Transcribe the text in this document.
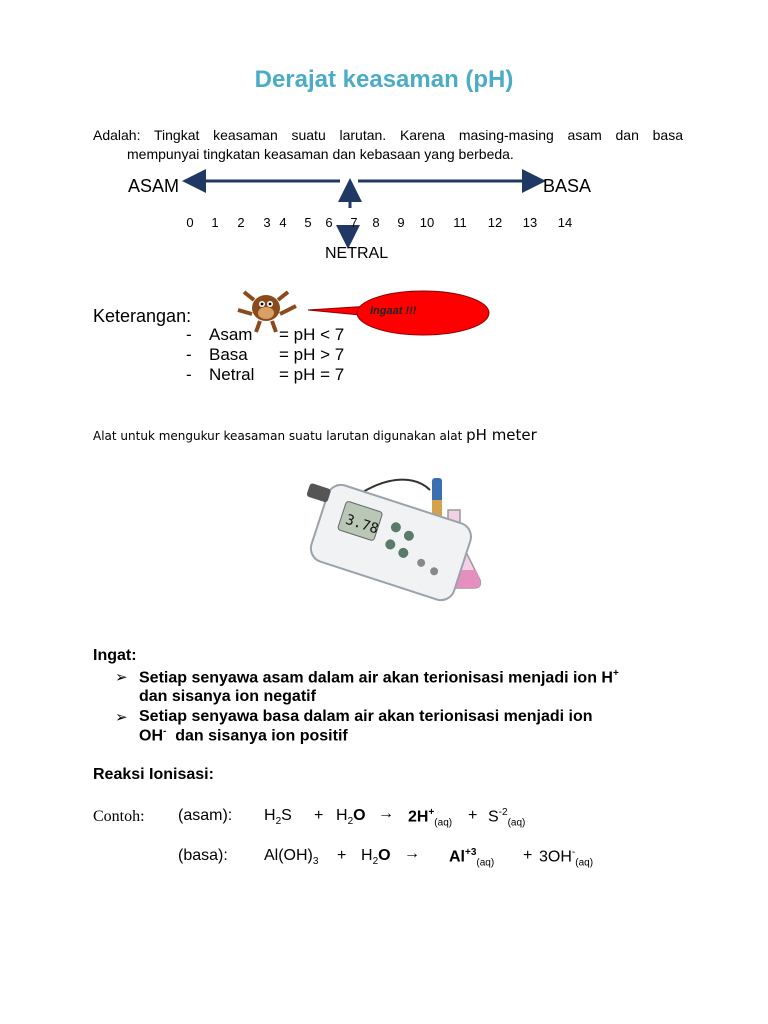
Derajat keasaman (pH)
Adalah: Tingkat keasaman suatu larutan. Karena masing-masing asam dan basa
mempunyai tingkatan keasaman dan kebasaan yang berbeda.
ASAM	BASA
NETRAL
0 1 2 3 4 5 6 7 8 9 10 11 12 13 14
Ingaat !!!
Keterangan:
- Asam = pH < 7
- Basa = pH > 7
- Netral = pH = 7
Alat untuk mengukur keasaman suatu larutan digunakan alat pH meter
3.78
Ingat:
➢ Setiap senyawa asam dalam air akan terionisasi menjadi ion H+
dan sisanya ion negatif
➢ Setiap senyawa basa dalam air akan terionisasi menjadi ion
OH- dan sisanya ion positif
Reaksi Ionisasi:
Contoh: (asam): $H_2S + H_2O \to 2H^+_{(aq)} + S^{-2}_{(aq)}$
(basa): $Al(OH)_3 + H_2O \to Al^{+3}_{(aq)} + 3OH^-_{(aq)}$
